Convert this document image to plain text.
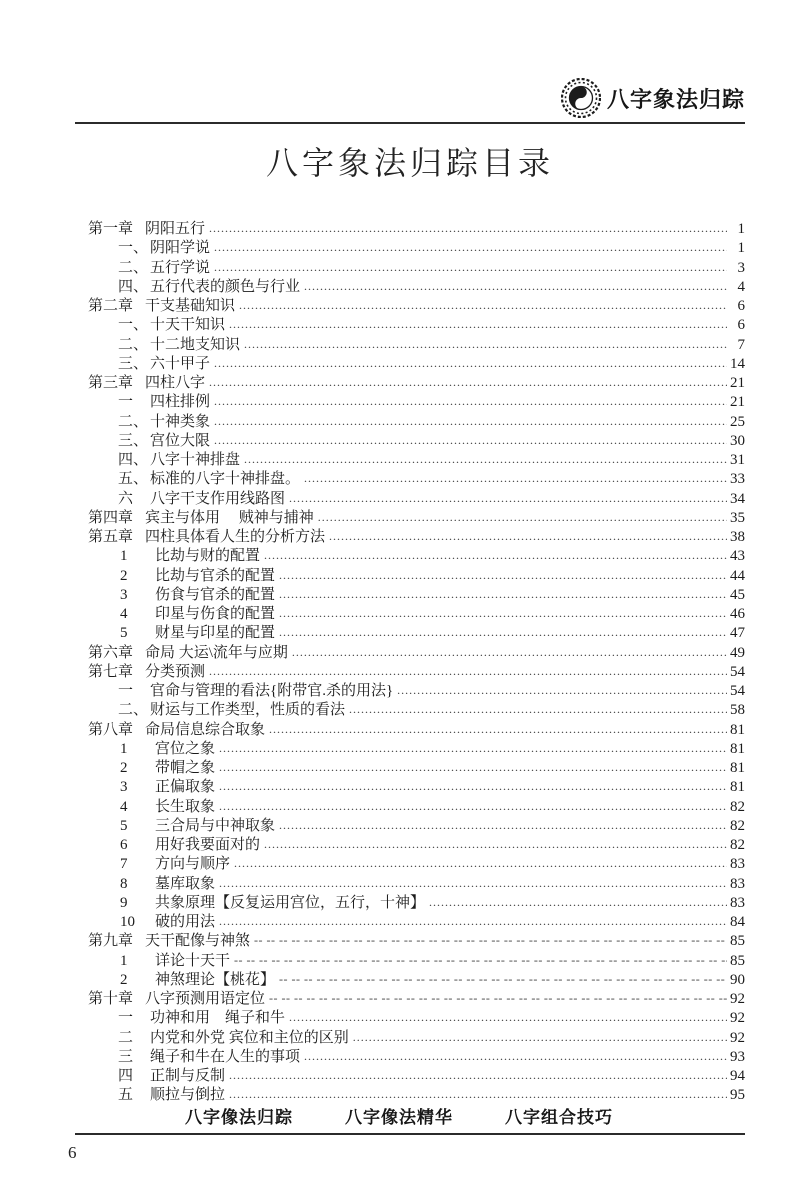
八字象法归踪
八字象法归踪目录
第一章 阴阳五行 .....	1
一、 阴阳学说 .....	1
二、 五行学说 .....	3
四、 五行代表的颜色与行业 .....	4
第二章 干支基础知识 .....	6
一、 十天干知识 .....	6
二、 十二地支知识 .....	7
三、 六十甲子 .....	14
第三章 四柱八字 .....	21
一	四柱排例 .....	21
二、 十神类象 .....	25
三、 宫位大限 .....	30
四、 八字十神排盘 .....	31
五、 标准的八字十神排盘。 .....	33
六	八字干支作用线路图 .....	34
第四章 宾主与体用　 贼神与捕神 .....	35
第五章 四柱具体看人生的分析方法 .....	38
1	比劫与财的配置 .....	43
2	比劫与官杀的配置 .....	44
3	伤食与官杀的配置 .....	45
4	印星与伤食的配置 .....	46
5	财星与印星的配置 .....	47
第六章 命局 大运\流年与应期 .....	49
第七章 分类预测 .....	54
一	官命与管理的看法{附带官.杀的用法} .....	54
二、 财运与工作类型，性质的看法 .....	58
第八章 命局信息综合取象 .....	81
1	宫位之象 .....	81
2	带帽之象 .....	81
3	正偏取象 .....	81
4	长生取象 .....	82
5	三合局与中神取象 .....	82
6	用好我要面对的 .....	82
7	方向与顺序 .....	83
8	墓库取象 .....	83
9	共象原理【反复运用宫位，五行，十神】 .....	83
10	破的用法 .....	84
第九章 天干配像与神煞 -- --	85
1	详论十天干 -- --	85
2	神煞理论【桃花】 -- --	90
第十章 八字预测用语定位 -- --	92
一	功神和用　绳子和牛 .....	92
二	内党和外党 宾位和主位的区别 .....	92
三	绳子和牛在人生的事项 .....	93
四	正制与反制 .....	94
五	顺拉与倒拉 .....	95
八字像法归踪	八字像法精华	八字组合技巧
6
